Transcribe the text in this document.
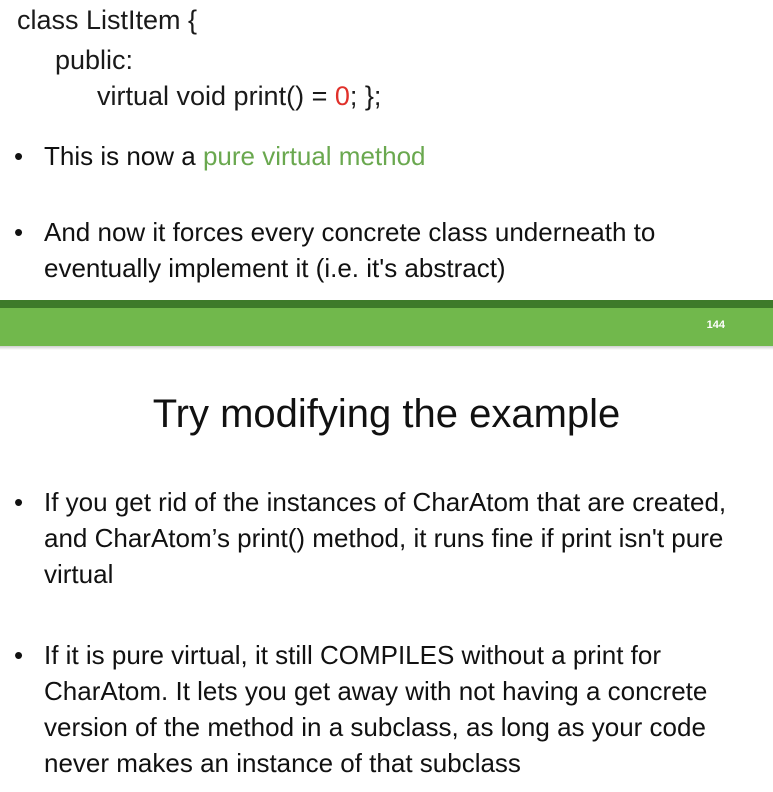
class ListItem {
public:
virtual void print() = 0; };
• This is now a pure virtual method
• And now it forces every concrete class underneath to eventually implement it (i.e. it's abstract)
144
Try modifying the example
• If you get rid of the instances of CharAtom that are created, and CharAtom’s print() method, it runs fine if print isn't pure virtual
• If it is pure virtual, it still COMPILES without a print for CharAtom. It lets you get away with not having a concrete version of the method in a subclass, as long as your code never makes an instance of that subclass
